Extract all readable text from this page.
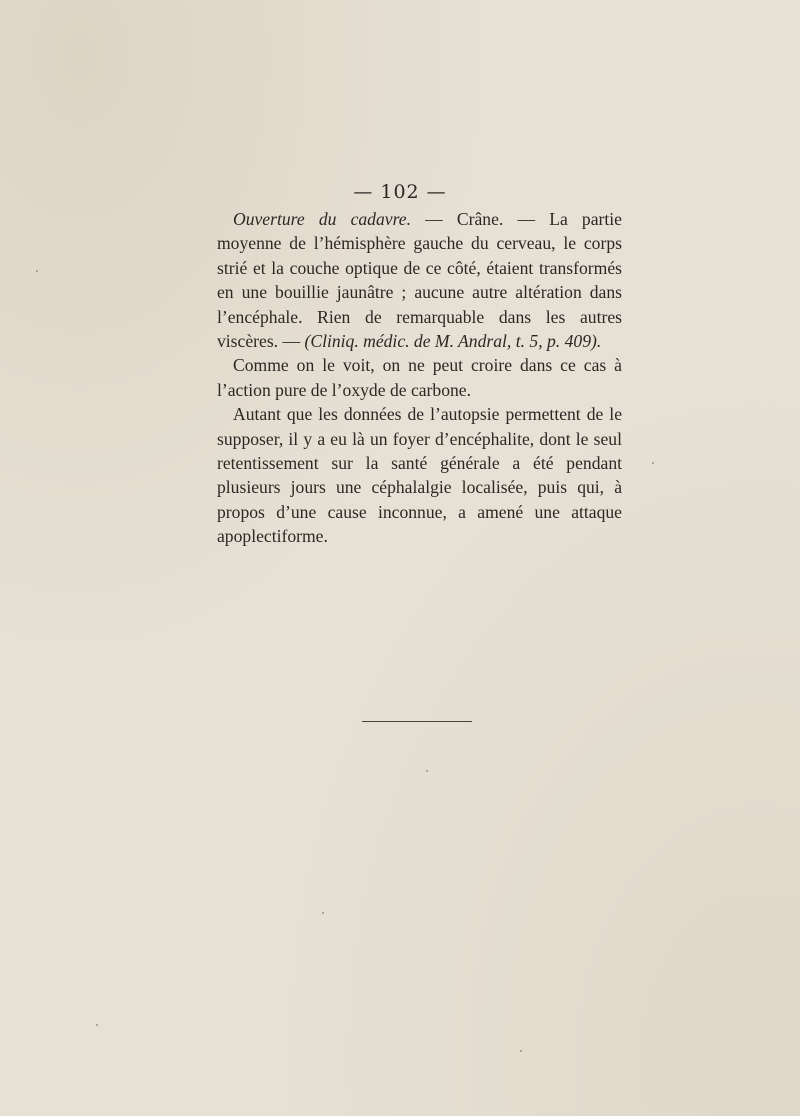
— 102 —

Ouverture du cadavre. — Crâne. — La partie moyenne de l’hémisphère gauche du cerveau, le corps strié et la couche optique de ce côté, étaient transformés en une bouillie jaunâtre ; aucune autre altération dans l’encéphale. Rien de remarquable dans les autres viscères. — (Cliniq. médic. de M. Andral, t. 5, p. 409).

Comme on le voit, on ne peut croire dans ce cas à l’action pure de l’oxyde de carbone.

Autant que les données de l’autopsie permettent de le supposer, il y a eu là un foyer d’encéphalite, dont le seul retentissement sur la santé générale a été pendant plusieurs jours une céphalalgie localisée, puis qui, à propos d’une cause inconnue, a amené une attaque apoplectiforme.
